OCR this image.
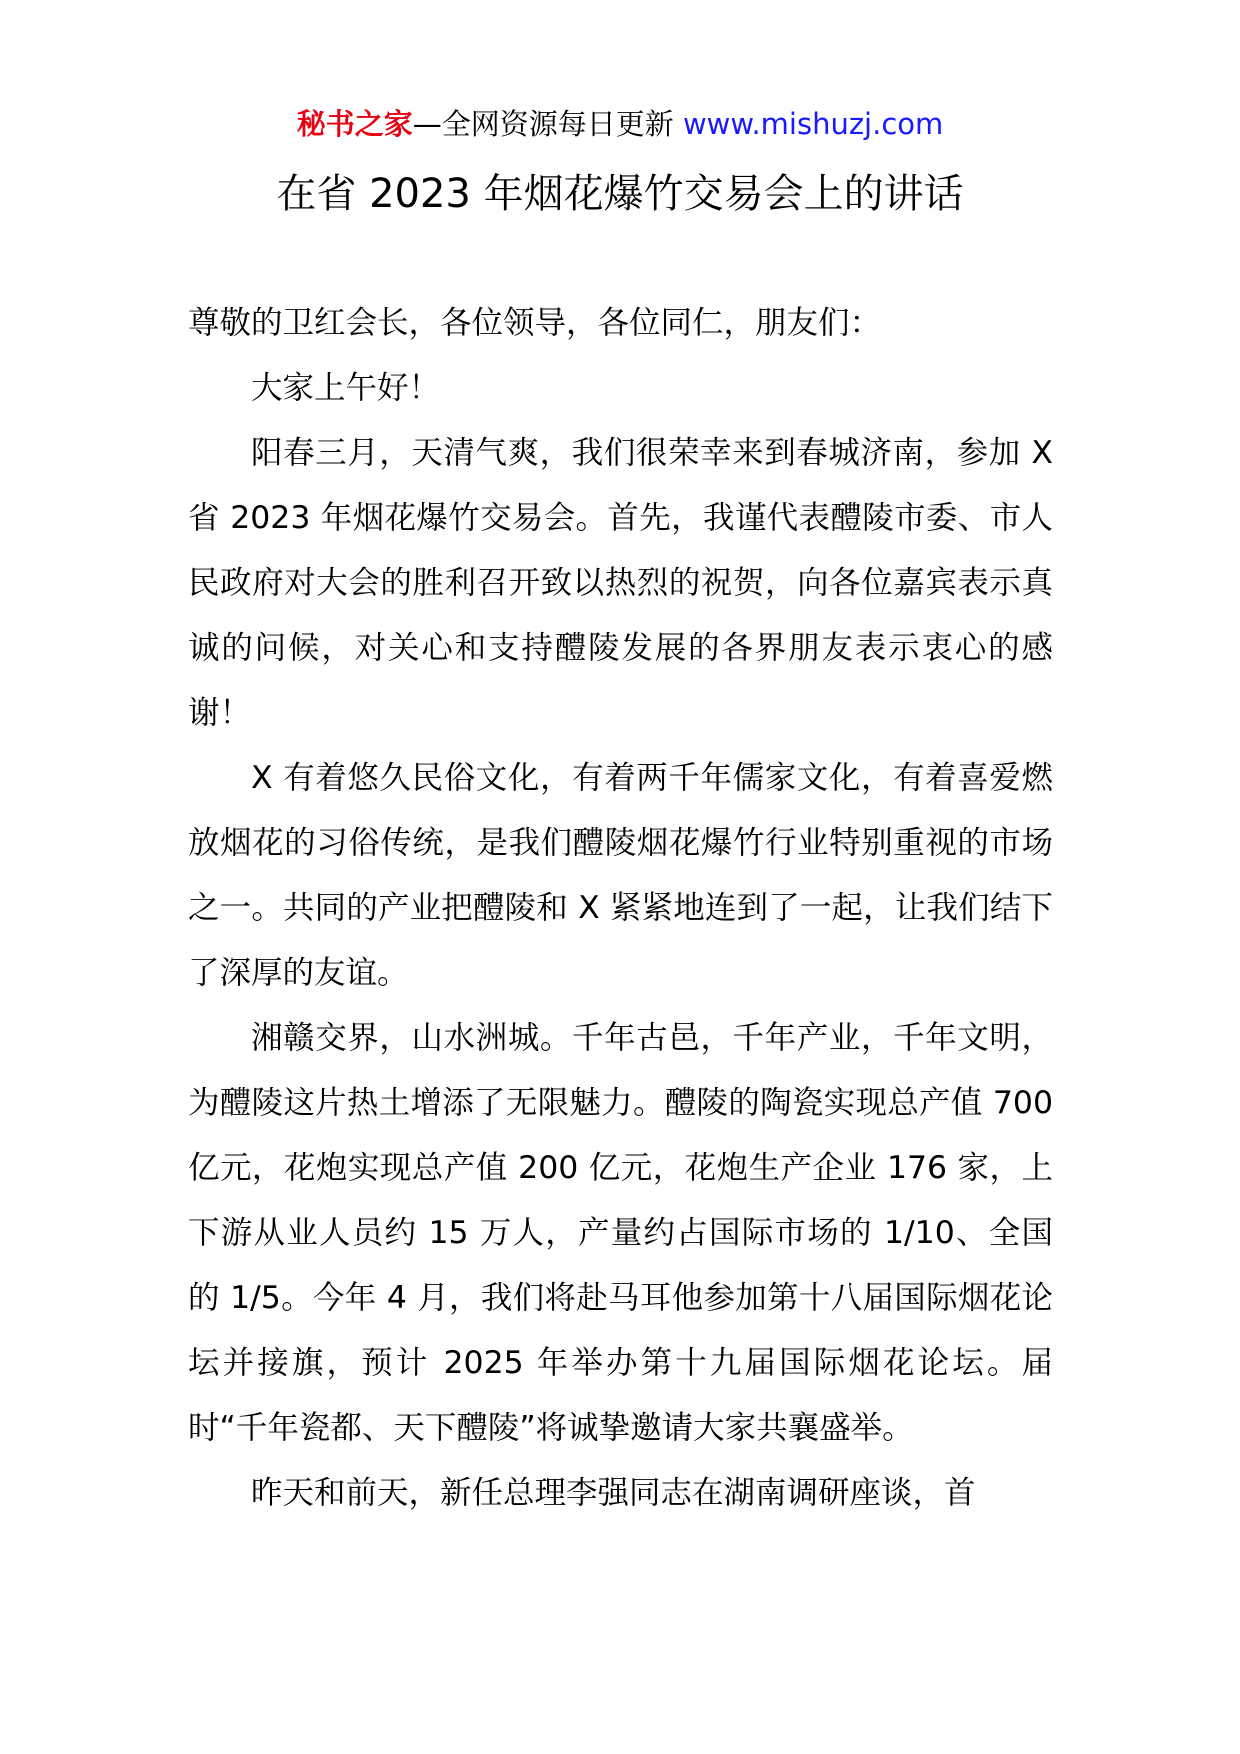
秘书之家—全网资源每日更新 www.mishuzj.com
在省 2023 年烟花爆竹交易会上的讲话

尊敬的卫红会长，各位领导，各位同仁，朋友们：

大家上午好！

阳春三月，天清气爽，我们很荣幸来到春城济南，参加 X 省 2023 年烟花爆竹交易会。首先，我谨代表醴陵市委、市人民政府对大会的胜利召开致以热烈的祝贺，向各位嘉宾表示真诚的问候，对关心和支持醴陵发展的各界朋友表示衷心的感谢！

X 有着悠久民俗文化，有着两千年儒家文化，有着喜爱燃放烟花的习俗传统，是我们醴陵烟花爆竹行业特别重视的市场之一。共同的产业把醴陵和 X 紧紧地连到了一起，让我们结下了深厚的友谊。

湘赣交界，山水洲城。千年古邑，千年产业，千年文明，为醴陵这片热土增添了无限魅力。醴陵的陶瓷实现总产值 700 亿元，花炮实现总产值 200 亿元，花炮生产企业 176 家，上下游从业人员约 15 万人，产量约占国际市场的 1/10、全国的 1/5。今年 4 月，我们将赴马耳他参加第十八届国际烟花论坛并接旗，预计 2025 年举办第十九届国际烟花论坛。届时“千年瓷都、天下醴陵”将诚挚邀请大家共襄盛举。

昨天和前天，新任总理李强同志在湖南调研座谈，首
